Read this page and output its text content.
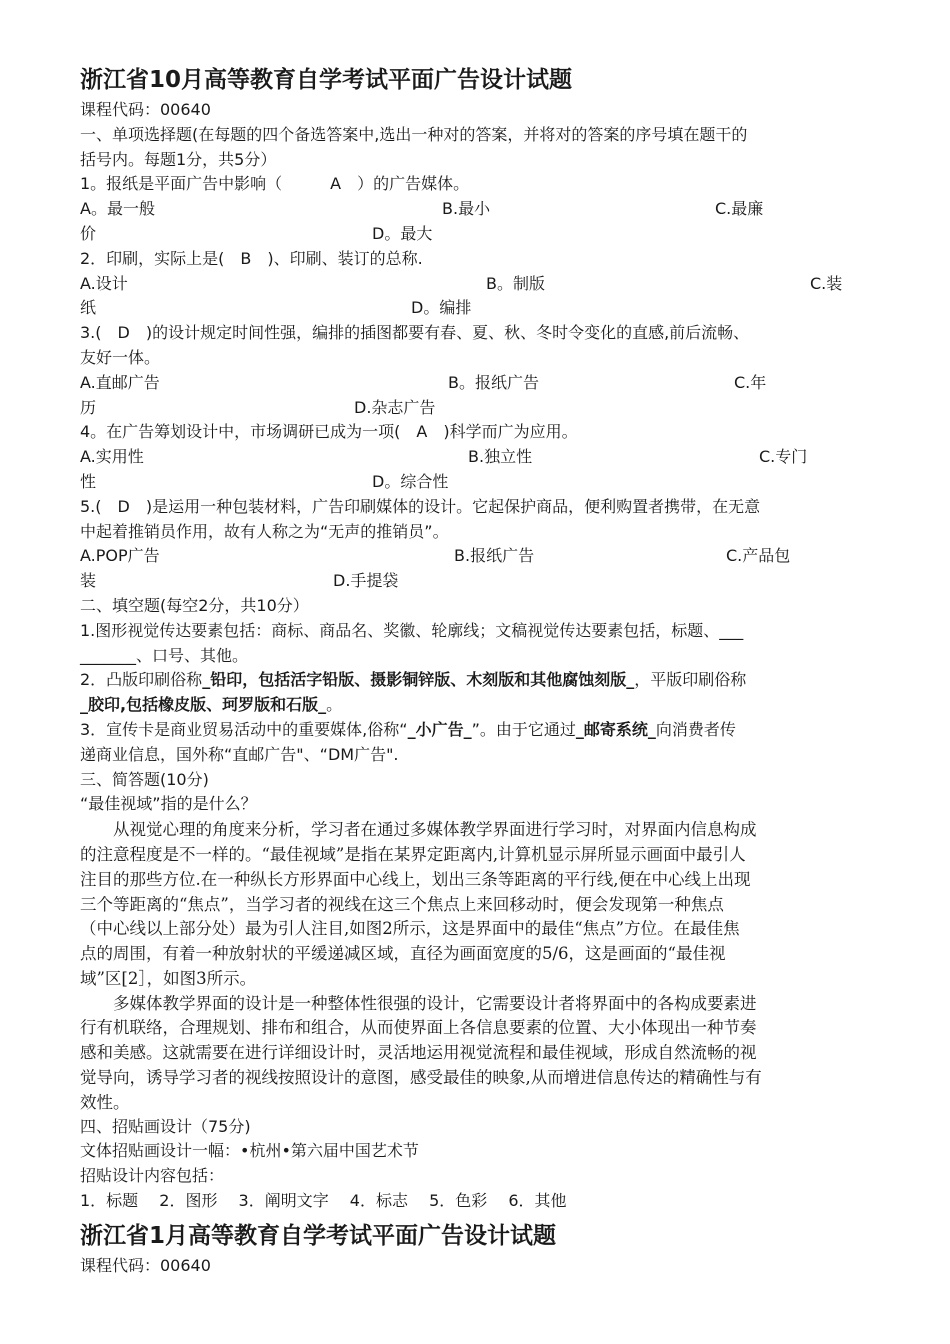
浙江省10月高等教育自学考试平面广告设计试题
课程代码：00640
一、单项选择题(在每题的四个备选答案中,选出一种对的答案，并将对的答案的序号填在题干的
括号内。每题1分，共5分）
1。报纸是平面广告中影响（　　　A　）的广告媒体。
A。最一般	B.最小	C.最廉
价	D。最大
2．印刷，实际上是(　B　)、印刷、装订的总称.
A.设计	B。制版	C.装
纸	D。编排
3.(　D　)的设计规定时间性强，编排的插图都要有春、夏、秋、冬时令变化的直感,前后流畅、
友好一体。
A.直邮广告	B。报纸广告	C.年
历	D.杂志广告
4。在广告筹划设计中，市场调研已成为一项(　A　)科学而广为应用。
A.实用性	B.独立性	C.专门
性	D。综合性
5.(　D　)是运用一种包装材料，广告印刷媒体的设计。它起保护商品，便利购置者携带，在无意
中起着推销员作用，故有人称之为“无声的推销员”。
A.POP广告	B.报纸广告	C.产品包
装	D.手提袋
二、填空题(每空2分，共10分）
1.图形视觉传达要素包括：商标、商品名、奖徽、轮廓线；文稿视觉传达要素包括，标题、___
_______、口号、其他。
2．凸版印刷俗称_铅印，包括活字铅版、摄影铜锌版、木刻版和其他腐蚀刻版_，平版印刷俗称
_胶印,包括橡皮版、珂罗版和石版_。
3．宣传卡是商业贸易活动中的重要媒体,俗称“_小广告_”。由于它通过_邮寄系统_向消费者传
递商业信息，国外称“直邮广告"、“DM广告".
三、简答题(10分)
“最佳视域”指的是什么？
从视觉心理的角度来分析，学习者在通过多媒体教学界面进行学习时，对界面内信息构成
的注意程度是不一样的。“最佳视域”是指在某界定距离内,计算机显示屏所显示画面中最引人
注目的那些方位.在一种纵长方形界面中心线上，划出三条等距离的平行线,便在中心线上出现
三个等距离的“焦点”，当学习者的视线在这三个焦点上来回移动时，便会发现第一种焦点
（中心线以上部分处）最为引人注目,如图2所示，这是界面中的最佳“焦点”方位。在最佳焦
点的周围，有着一种放射状的平缓递减区域，直径为画面宽度的5/6，这是画面的“最佳视
域”区[2］，如图3所示。
多媒体教学界面的设计是一种整体性很强的设计，它需要设计者将界面中的各构成要素进
行有机联络，合理规划、排布和组合，从而使界面上各信息要素的位置、大小体现出一种节奏
感和美感。这就需要在进行详细设计时，灵活地运用视觉流程和最佳视域，形成自然流畅的视
觉导向，诱导学习者的视线按照设计的意图，感受最佳的映象,从而增进信息传达的精确性与有
效性。
四、招贴画设计（75分)
文体招贴画设计一幅：•杭州•第六届中国艺术节
招贴设计内容包括：
1．标题　 2．图形　 3．阐明文字　 4．标志　 5．色彩　 6．其他
浙江省1月高等教育自学考试平面广告设计试题
课程代码：00640
